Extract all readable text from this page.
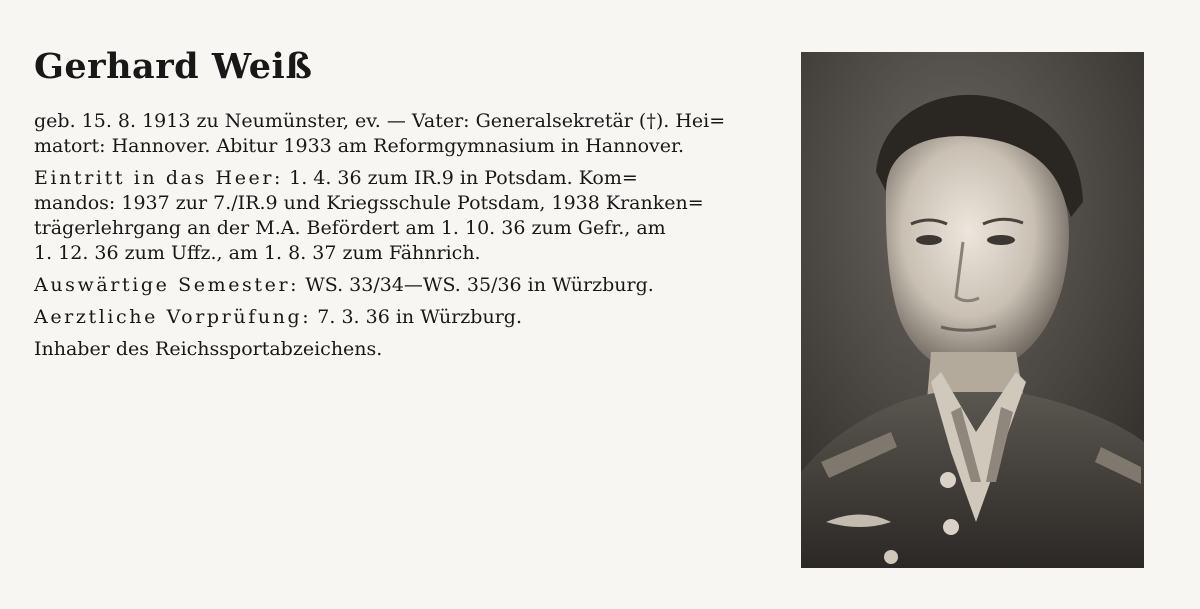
Gerhard Weiß

geb. 15. 8. 1913 zu Neumünster, ev. — Vater: Generalsekretär (†). Hei=
matort: Hannover. Abitur 1933 am Reformgymnasium in Hannover.

Eintritt in das Heer: 1. 4. 36 zum IR.9 in Potsdam. Kom=
mandos: 1937 zur 7./IR.9 und Kriegsschule Potsdam, 1938 Kranken=
trägerlehrgang an der M.A. Befördert am 1. 10. 36 zum Gefr., am
1. 12. 36 zum Uffz., am 1. 8. 37 zum Fähnrich.

Auswärtige Semester: WS. 33/34—WS. 35/36 in Würzburg.

Aerztliche Vorprüfung: 7. 3. 36 in Würzburg.

Inhaber des Reichssportabzeichens.
